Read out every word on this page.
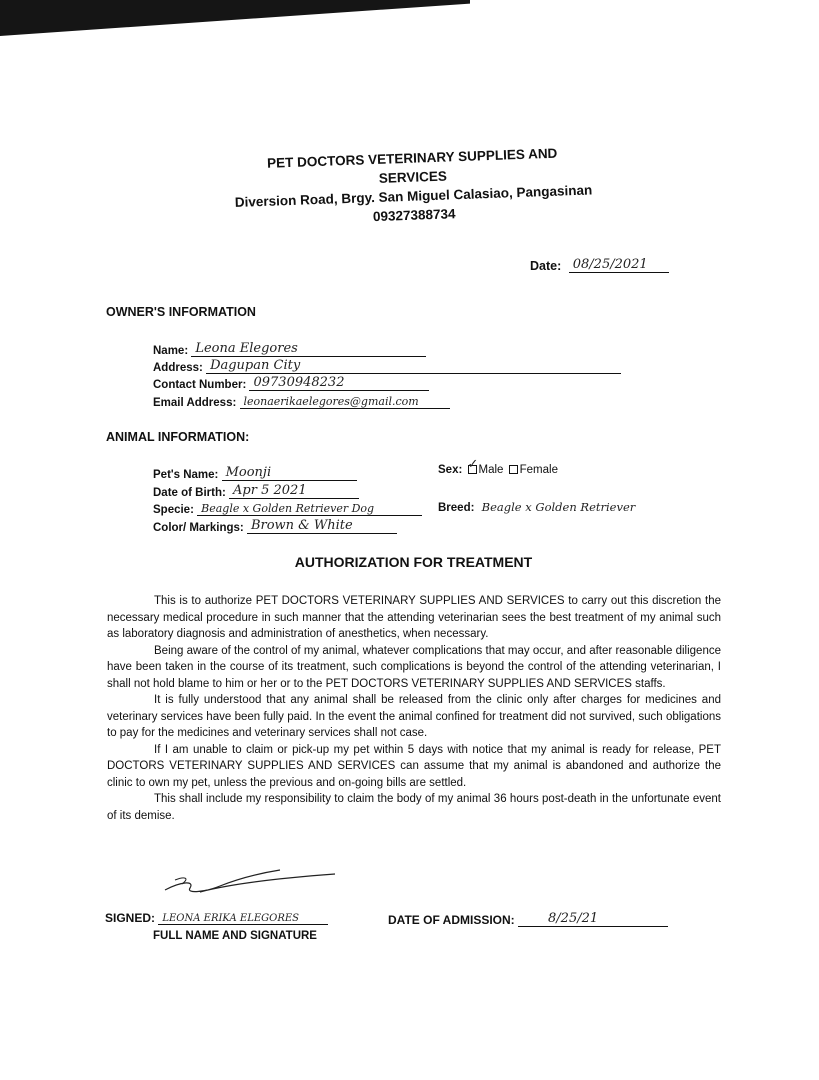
PET DOCTORS VETERINARY SUPPLIES AND SERVICES
Diversion Road, Brgy. San Miguel Calasiao, Pangasinan
09327388734
Date: 08/25/2021
OWNER'S INFORMATION
Name: Leona Elegores
Address: Dagupan City
Contact Number: 09730948232
Email Address: leonaerikaelegores@gmail.com
ANIMAL INFORMATION:
Pet's Name: Moonji	Sex: ✓ Male Female
Date of Birth: Apr 5 2021
Specie: Beagle x Golden Retriever Dog	Breed: Beagle x Golden Retriever
Color/ Markings: Brown & White
AUTHORIZATION FOR TREATMENT

This is to authorize PET DOCTORS VETERINARY SUPPLIES AND SERVICES to carry out this discretion the necessary medical procedure in such manner that the attending veterinarian sees the best treatment of my animal such as laboratory diagnosis and administration of anesthetics, when necessary.

Being aware of the control of my animal, whatever complications that may occur, and after reasonable diligence have been taken in the course of its treatment, such complications is beyond the control of the attending veterinarian, I shall not hold blame to him or her or to the PET DOCTORS VETERINARY SUPPLIES AND SERVICES staffs.

It is fully understood that any animal shall be released from the clinic only after charges for medicines and veterinary services have been fully paid. In the event the animal confined for treatment did not survived, such obligations to pay for the medicines and veterinary services shall not case.

If I am unable to claim or pick-up my pet within 5 days with notice that my animal is ready for release, PET DOCTORS VETERINARY SUPPLIES AND SERVICES can assume that my animal is abandoned and authorize the clinic to own my pet, unless the previous and on-going bills are settled.

This shall include my responsibility to claim the body of my animal 36 hours post-death in the unfortunate event of its demise.

SIGNED: LEONA ERIKA ELEGORES
FULL NAME AND SIGNATURE
DATE OF ADMISSION:	8/25/21
